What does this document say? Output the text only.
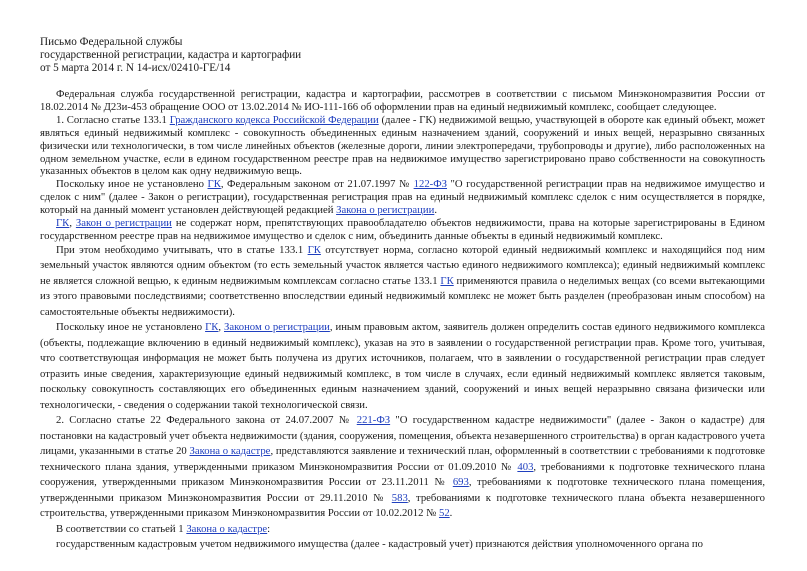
Письмо Федеральной службы
государственной регистрации, кадастра и картографии
от 5 марта 2014 г. N 14-исх/02410-ГЕ/14

Федеральная служба государственной регистрации, кадастра и картографии, рассмотрев в соответствии с письмом Минэкономразвития России от 18.02.2014 № Д23и-453 обращение ООО от 13.02.2014 № ИО-111-166 об оформлении прав на единый недвижимый комплекс, сообщает следующее.

1. Согласно статье 133.1 Гражданского кодекса Российской Федерации (далее - ГК) недвижимой вещью, участвующей в обороте как единый объект, может являться единый недвижимый комплекс - совокупность объединенных единым назначением зданий, сооружений и иных вещей, неразрывно связанных физически или технологически, в том числе линейных объектов (железные дороги, линии электропередачи, трубопроводы и другие), либо расположенных на одном земельном участке, если в едином государственном реестре прав на недвижимое имущество зарегистрировано право собственности на совокупность указанных объектов в целом как одну недвижимую вещь.

Поскольку иное не установлено ГК, Федеральным законом от 21.07.1997 № 122-ФЗ "О государственной регистрации прав на недвижимое имущество и сделок с ним" (далее - Закон о регистрации), государственная регистрация прав на единый недвижимый комплекс сделок с ним осуществляется в порядке, который на данный момент установлен действующей редакцией Закона о регистрации.

ГК, Закон о регистрации не содержат норм, препятствующих правообладателю объектов недвижимости, права на которые зарегистрированы в Едином государственном реестре прав на недвижимое имущество и сделок с ним, объединить данные объекты в единый недвижимый комплекс.

При этом необходимо учитывать, что в статье 133.1 ГК отсутствует норма, согласно которой единый недвижимый комплекс и находящийся под ним земельный участок являются одним объектом (то есть земельный участок является частью единого недвижимого комплекса); единый недвижимый комплекс не является сложной вещью, к единым недвижимым комплексам согласно статье 133.1 ГК применяются правила о неделимых вещах (со всеми вытекающими из этого правовыми последствиями; соответственно впоследствии единый недвижимый комплекс не может быть разделен (преобразован иным способом) на самостоятельные объекты недвижимости).

Поскольку иное не установлено ГК, Законом о регистрации, иным правовым актом, заявитель должен определить состав единого недвижимого комплекса (объекты, подлежащие включению в единый недвижимый комплекс), указав на это в заявлении о государственной регистрации прав. Кроме того, учитывая, что соответствующая информация не может быть получена из других источников, полагаем, что в заявлении о государственной регистрации прав следует отразить иные сведения, характеризующие единый недвижимый комплекс, в том числе в случаях, если единый недвижимый комплекс является таковым, поскольку совокупность составляющих его объединенных единым назначением зданий, сооружений и иных вещей неразрывно связана физически или технологически, - сведения о содержании такой технологической связи.

2. Согласно статье 22 Федерального закона от 24.07.2007 № 221-ФЗ "О государственном кадастре недвижимости" (далее - Закон о кадастре) для постановки на кадастровый учет объекта недвижимости (здания, сооружения, помещения, объекта незавершенного строительства) в орган кадастрового учета лицами, указанными в статье 20 Закона о кадастре, представляются заявление и технический план, оформленный в соответствии с требованиями к подготовке технического плана здания, утвержденными приказом Минэкономразвития России от 01.09.2010 № 403, требованиями к подготовке технического плана сооружения, утвержденными приказом Минэкономразвития России от 23.11.2011 № 693, требованиями к подготовке технического плана помещения, утвержденными приказом Минэкономразвития России от 29.11.2010 № 583, требованиями к подготовке технического плана объекта незавершенного строительства, утвержденными приказом Минэкономразвития России от 10.02.2012 № 52.

В соответствии со статьей 1 Закона о кадастре:

государственным кадастровым учетом недвижимого имущества (далее - кадастровый учет) признаются действия уполномоченного органа по
